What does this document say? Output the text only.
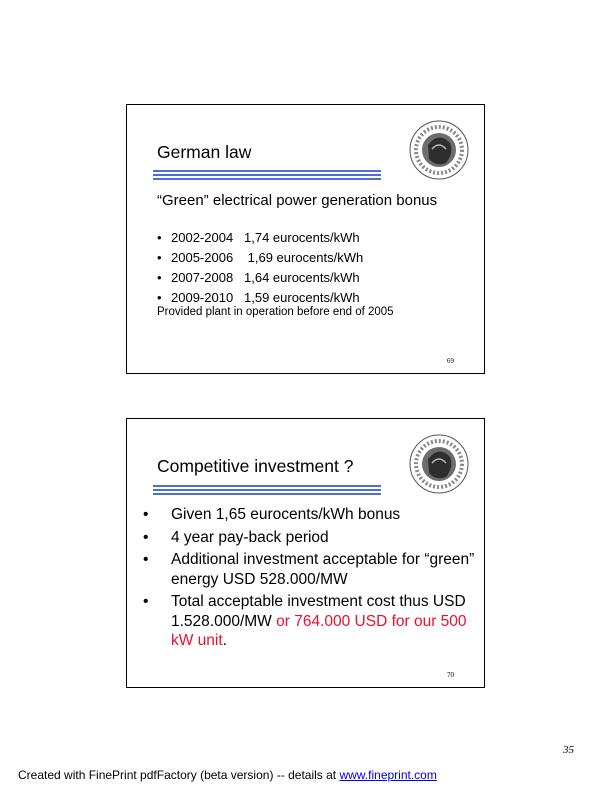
German law
“Green” electrical power generation bonus
• 2002-2004   1,74 eurocents/kWh
• 2005-2006    1,69 eurocents/kWh
• 2007-2008   1,64 eurocents/kWh
• 2009-2010   1,59 eurocents/kWh
Provided plant in operation before end of 2005
69
Competitive investment ?
• Given 1,65 eurocents/kWh bonus
• 4 year pay-back period
• Additional investment acceptable for “green” energy USD 528.000/MW
• Total acceptable investment cost thus USD 1.528.000/MW or 764.000 USD for our 500 kW unit.
70
35
Created with FinePrint pdfFactory (beta version) -- details at www.fineprint.com
